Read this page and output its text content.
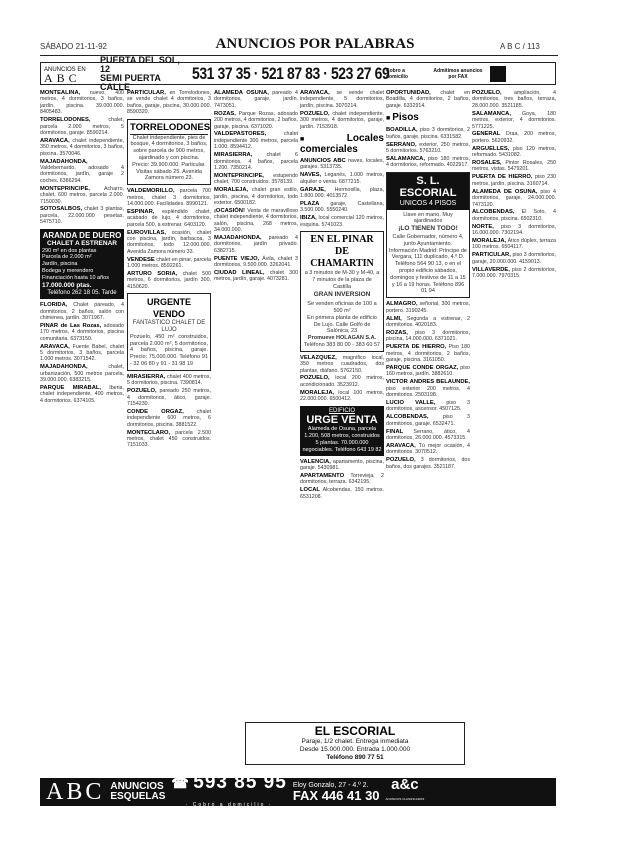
SÁBADO 21-11-92	ANUNCIOS POR PALABRAS	A B C / 113
ANUNCIOS EN
ABC
PUERTA DEL SOL, 12
SEMI PUERTA CALLE
531 37 35 · 521 87 83 · 523 27 69
Cobro a domicilio
Admitimos anuncios por FAX
MONTEALINA, nuevo, 400 metros, 4 dormitorios, 3 baños, jardín, piscina. 39.000.000. 8405483.
TORRELODONES,	chalet, parcela 2.000 metros, 5 dormitorios, garaje. 8590214.
ARAVACA, chalet independiente, 350 metros, 4 dormitorios, 3 baños, piscina. 3570046.
MAJADAHONDA, Valdebernardo, adosado 4 dormitorios, jardín, garaje 2 coches. 6386294.
MONTEPRINCIPE,	Acharro, chalet, 600 metros, parcela 2.000. 7150030.
SOTOSALBOS, chalet 3 plantas, parcela, 22.000.000 pesetas. 5475710.
ARANDA DE DUERO
CHALET A ESTRENAR
290 m² en dos plantas
Parcela de 2.000 m²
Jardín, piscina
Bodega y merendero
Financiación hasta 10 años
17.000.000 ptas.
Teléfono 262 18 05. Tarde
FLORIDA, Chalet pareado, 4 dormitorios, 2 baños, salón con chimenea, jardín. 3071967.
PINAR de Las Rozas, adosado 170 metros, 4 dormitorios, piscina comunitaria. 6373150.
ARAVACA, Fuente Babel, chalet 5 dormitorios, 3 baños, parcela 1.000 metros. 3071542.
MAJADAHONDA,	chalet, urbanización, 500 metros parcela, 39.000.000. 6383215.
PARQUE MIRABAL, Iberia, chalet independiente, 400 metros, 4 dormitorios. 6374105.
PARTICULAR, en Torrelodones, se vende chalet 4 dormitorios, 3 baños, garaje, piscina, 30.000.000. 8590320.
TORRELODONES
Chalet independiente, pies de bosque, 4 dormitorios, 3 baños, sobre parcela de 900 metros, ajardinado y con piscina. Precio: 39.900.000. Particular. Visitas sábado 25. Avenida Zamora número 23.
VALDEMORILLO, parcela 700 metros, chalet 3 dormitorios, 14.000.000. Facilidades. 8990121.
ESPINAR, espléndido chalet, acabado de lujo, 4 dormitorios, parcela 500, a estrenar. 6403120.
EUROVILLAS, ocasión, chalet con piscina, jardín, barbacoa, 3 dormitorios, todo 12.000.000. Avenida Zamora número 33.
VENDESE chalet en pinar, parcela 1.000 metros. 8592261.
ARTURO SORIA, chalet 500 metros, 6 dormitorios, jardín 300. 4150620.
URGENTE VENDO
FANTASTICO CHALET DE LUJO
Pozuelo, 450 m² construidos, parcela 2.000 m², 5 dormitorios, 4 baños, piscina, garaje. Precio: 75.000.000. Teléfono 91 - 32 06 80 y 91 - 31 98 19
MIRASIERRA, chalet 400 metros, 5 dormitorios, piscina. 7390814.
POZUELO, pareado 250 metros, 4 dormitorios, ático, garaje. 7154230.
CONDE ORGAZ, chalet independiente 600 metros, 6 dormitorios, piscina. 3881522.
MONTECLARO, parcela 2.500 metros, chalet 450 construidos. 7151033.
ALAMEDA OSUNA, pareado 4 dormitorios, garaje, jardín. 7473051.
ROZAS, Parque Rozas, adosado 200 metros, 4 dormitorios, 2 baños, garaje, piscina. 6371020.
VALDEPASTORES,	chalet independiente 300 metros, parcela 1.000. 8594412.
MIRASIERRA,	chalet 6 dormitorios, 4 baños, parcela 1.200. 7350214.
MONTEPRINCIPE, estupendo chalet, 700 construidos. 3578139.
MORALEJA, chalet gran estilo, jardín, piscina, 4 dormitorios, todo exterior. 6500182.
¡OCASIÓN! Venta de maravilloso chalet independiente, 4 dormitorios, salón, piscina, 268 metros, 34.000.000.
MAJADAHONDA, pareado 4 dormitorios, jardín privado. 6382715.
PUENTE VIEJO, Ávila, chalet 3 dormitorios, 9.500.000. 3262041.
CIUDAD LINEAL, chalet 300 metros, jardín, garaje. 4073281.
ARAVACA, se vende chalet independiente, 5 dormitorios, jardín, piscina. 3070214.
POZUELO, chalet independiente, 300 metros, 4 dormitorios, garaje, jardín. 7153918.
■ Locales comerciales
ANUNCIOS ABC naves, locales, garajes. 5313735.
NAVES, Leganés, 1.000 metros, alquiler o venta. 6877215.
GARAJE, Hermosilla, plaza, 1.800.000. 4013572.
PLAZA garaje, Castellana, 3.500.000. 5550240.
IBIZA, local comercial 120 metros, esquina. 5741023.
EN EL PINAR DE CHAMARTIN
a 3 minutos de M-30 y M-40, a 7 minutos de la plaza de Castilla
GRAN INVERSION
Se venden oficinas de 100 a 500 m²
En primera planta de edificio De Lujo. Calle Golfo de Salónica, 23
Promueve HOLAGAN S.A.
Teléfono 383 80 00 - 383 60 57
VELAZQUEZ, magnífico local, 350 metros cuadrados, dos plantas, diáfano. 5762150.
POZUELO, local 200 metros, acondicionado. 3523912.
MORALEJA, local 100 metros, 22.000.000. 6500412.
EDIFICIO
URGE VENTA
Alameda de Osuna, parcela 1.200, 508 metros, construidos 5 plantas. 70.000.000 negociables. Teléfono 643 19 82
VALENCIA, apartamento, piscina, garaje. 5430981.
APARTAMENTO Torrevieja, 2 dormitorios, terraza. 6342195.
LOCAL Alcobendas, 150 metros. 6531208.
OPORTUNIDAD, chalet en Boadilla, 4 dormitorios, 2 baños, garaje. 6332914.
■ Pisos
BOADILLA, piso 3 dormitorios, 2 baños, garaje, piscina. 6331582.
SERRANO, exterior, 250 metros, 5 dormitorios. 5763210.
SALAMANCA, piso 180 metros, 4 dormitorios, reformado. 4022917.
S. L. ESCORIAL
UNICOS 4 PISOS
Llave en mano. Muy ajardinados
¡LO TIENEN TODO!
Calle Gobernador, número 4, junto Ayuntamiento. Información Madrid: Príncipe de Vergara, 111 duplicado, 4.º D. Teléfono 564 90 13, o en el propio edificio sábados, domingos y festivos de 11 a 15 y 16 a 19 horas. Teléfono 896 01 94
ALMAGRO, señorial, 300 metros, portero. 3190245.
ALMI, Segunda a estrenar, 2 dormitorios. 4020183.
ROZAS, piso 3 dormitorios, piscina, 14.000.000. 6371021.
PUERTA DE HIERRO, Piso 180 metros, 4 dormitorios, 2 baños, garaje, piscina. 3161050.
PARQUE CONDE ORGAZ, piso 160 metros, jardín. 3882610.
VICTOR ANDRES BELAUNDE, piso exterior 200 metros, 4 dormitorios. 2503198.
LUCIO VALLE, piso 3 dormitorios, ascensor. 4507125.
ALCOBENDAS,	piso 3 dormitorios, garaje. 6532471.
FINAL Serrano, ático, 4 dormitorios, 26.000.000. 4573315.
ARAVACA, Tú mejor ocasión, 4 dormitorios. 3070512.
POZUELO, 3 dormitorios, dos baños, dos garajes. 3521187.
POZUELO, ampliación, 4 dormitorios, tres baños, terraza, 28.000.000. 3521185.
SALAMANCA, Goya, 180 metros, exterior, 4 dormitorios. 5771225.
GENERAL Oraa, 200 metros, portero. 5620932.
ARGUELLES, piso 120 metros, reformado. 5431082.
ROSALES, Pintor Rosales, 250 metros, vistas. 5479201.
PUERTA DE HIERRO, piso 230 metros, jardín, piscina. 3160714.
ALAMEDA DE OSUNA, piso 4 dormitorios, garaje, 24.000.000. 7473120.
ALCOBENDAS, El Soto, 4 dormitorios, piscina. 6502310.
NORTE, piso 3 dormitorios, 16.000.000. 7302194.
MORALEJA, Ático dúplex, terraza 100 metros. 6504117.
PARTICULAR, piso 3 dormitorios, garaje, 20.000.000. 4159013.
VILLAVERDE, piso 2 dormitorios, 7.000.000. 7970315.
EL ESCORIAL
Paraje, 1/2 chalet. Entrega inmediata
Desde 15.000.000. Entrada 1.000.000
Teléfono 890 77 51
ABC ANUNCIOS
ESQUELAS
☎ 593 85 95
· Cobro a domicilio ·
Eloy Gonzalo, 27 - 4.º 2.
FAX 446 41 30
a&c
ANUNCIOS CLASIFICADOS
